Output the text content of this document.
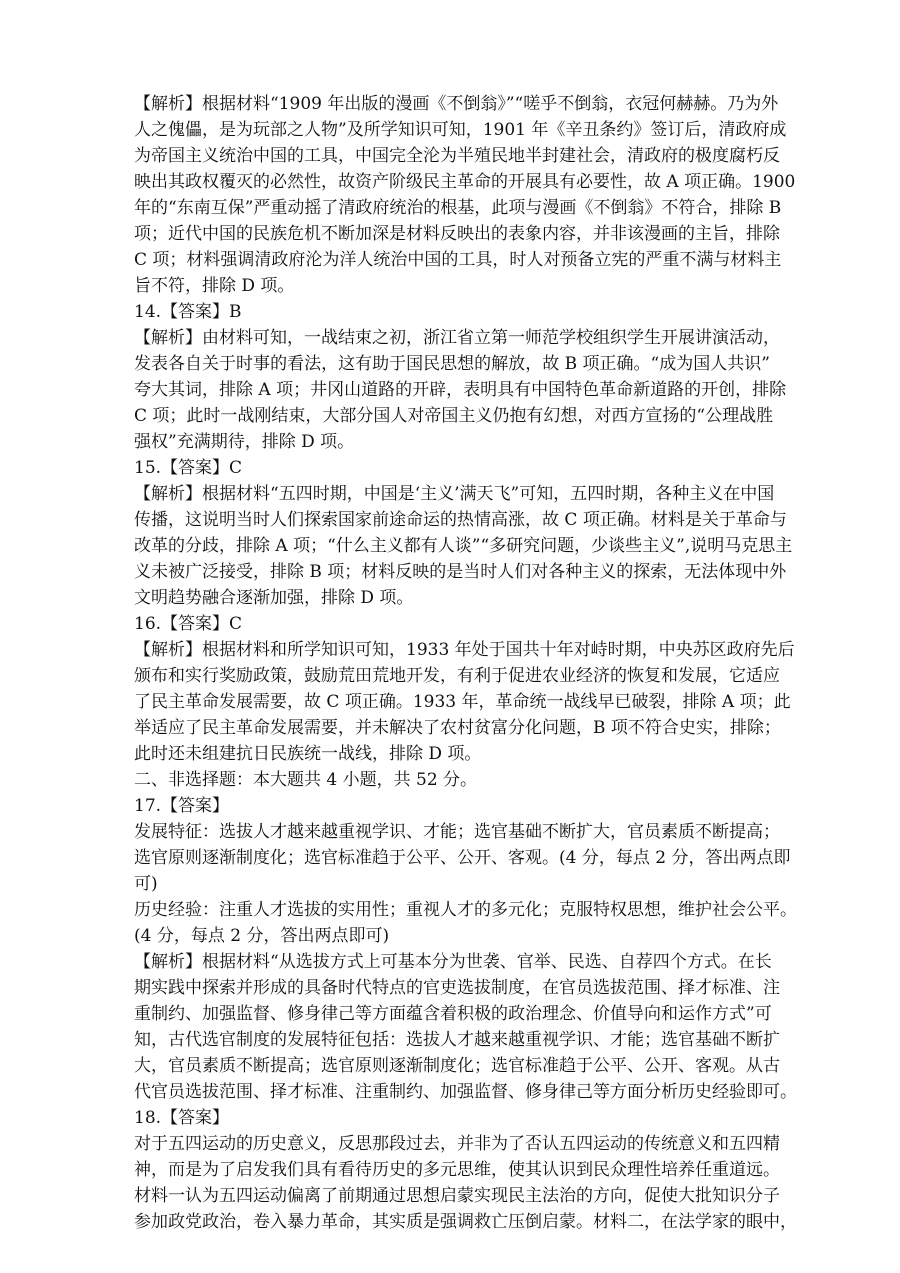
【解析】根据材料“1909 年出版的漫画《不倒翁》”“嗟乎不倒翁，衣冠何赫赫。乃为外
人之傀儡，是为玩部之人物”及所学知识可知，1901 年《辛丑条约》签订后，清政府成
为帝国主义统治中国的工具，中国完全沦为半殖民地半封建社会，清政府的极度腐朽反
映出其政权覆灭的必然性，故资产阶级民主革命的开展具有必要性，故 A 项正确。1900
年的“东南互保”严重动摇了清政府统治的根基，此项与漫画《不倒翁》不符合，排除 B
项；近代中国的民族危机不断加深是材料反映出的表象内容，并非该漫画的主旨，排除
C 项；材料强调清政府沦为洋人统治中国的工具，时人对预备立宪的严重不满与材料主
旨不符，排除 D 项。
14.【答案】B
【解析】由材料可知，一战结束之初，浙江省立第一师范学校组织学生开展讲演活动，
发表各自关于时事的看法，这有助于国民思想的解放，故 B 项正确。“成为国人共识”
夸大其词，排除 A 项；井冈山道路的开辟，表明具有中国特色革命新道路的开创，排除
C 项；此时一战刚结束，大部分国人对帝国主义仍抱有幻想，对西方宣扬的“公理战胜
强权”充满期待，排除 D 项。
15.【答案】C
【解析】根据材料“五四时期，中国是‘主义’满天飞”可知，五四时期，各种主义在中国
传播，这说明当时人们探索国家前途命运的热情高涨，故 C 项正确。材料是关于革命与
改革的分歧，排除 A 项；“什么主义都有人谈”“多研究问题，少谈些主义”,说明马克思主
义未被广泛接受，排除 B 项；材料反映的是当时人们对各种主义的探索，无法体现中外
文明趋势融合逐渐加强，排除 D 项。
16.【答案】C
【解析】根据材料和所学知识可知，1933 年处于国共十年对峙时期，中央苏区政府先后
颁布和实行奖励政策，鼓励荒田荒地开发，有利于促进农业经济的恢复和发展，它适应
了民主革命发展需要，故 C 项正确。1933 年，革命统一战线早已破裂，排除 A 项；此
举适应了民主革命发展需要，并未解决了农村贫富分化问题，B 项不符合史实，排除；
此时还未组建抗日民族统一战线，排除 D 项。
二、非选择题：本大题共 4 小题，共 52 分。
17.【答案】
发展特征：选拔人才越来越重视学识、才能；选官基础不断扩大，官员素质不断提高；
选官原则逐渐制度化；选官标准趋于公平、公开、客观。(4 分，每点 2 分，答出两点即
可)
历史经验：注重人才选拔的实用性；重视人才的多元化；克服特权思想，维护社会公平。
(4 分，每点 2 分，答出两点即可)
【解析】根据材料“从选拔方式上可基本分为世袭、官举、民选、自荐四个方式。在长
期实践中探索并形成的具备时代特点的官吏选拔制度，在官员选拔范围、择才标准、注
重制约、加强监督、修身律己等方面蕴含着积极的政治理念、价值导向和运作方式”可
知，古代选官制度的发展特征包括：选拔人才越来越重视学识、才能；选官基础不断扩
大，官员素质不断提高；选官原则逐渐制度化；选官标准趋于公平、公开、客观。从古
代官员选拔范围、择才标准、注重制约、加强监督、修身律己等方面分析历史经验即可。
18.【答案】
对于五四运动的历史意义，反思那段过去，并非为了否认五四运动的传统意义和五四精
神，而是为了启发我们具有看待历史的多元思维，使其认识到民众理性培养任重道远。
材料一认为五四运动偏离了前期通过思想启蒙实现民主法治的方向，促使大批知识分子
参加政党政治，卷入暴力革命，其实质是强调救亡压倒启蒙。材料二，在法学家的眼中，
